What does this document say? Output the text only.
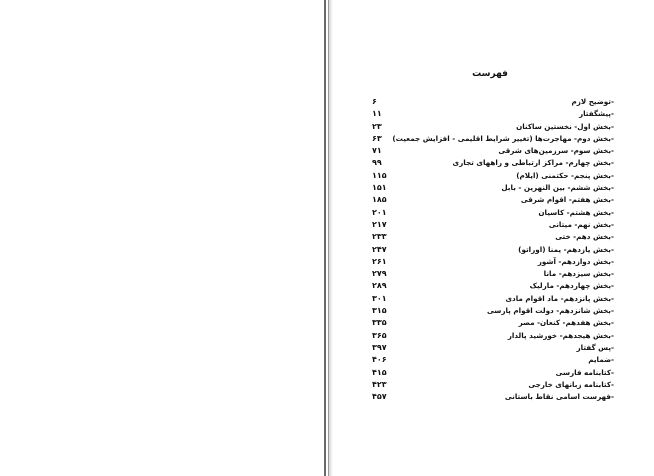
فهرست
-توضیح لازم
۶
-پیشگفتار
۱۱
-بخش اول- نخستین ساکنان
۲۳
-بخش دوم- مهاجرت‌ها (تغییر شرایط اقلیمی - افزایش جمعیت)
۶۳
-بخش سوم- سرزمین‌های شرقی
۷۱
-بخش چهارم- مراکز ارتباطی و راههای تجاری
۹۹
-بخش پنجم- حکتمنی (ایلام)
۱۱۵
-بخش ششم- بین النهرین - بابل
۱۵۱
-بخش هفتم- اقوام شرقی
۱۸۵
-بخش هشتم- کاسیان
۲۰۱
-بخش نهم- میتانی
۲۱۷
-بخش دهم- ختی
۲۳۳
-بخش یازدهم- یمنا (اوراتو)
۲۴۷
-بخش دوازدهم- آشور
۲۶۱
-بخش سیزدهم- مانا
۲۷۹
-بخش چهاردهم- مارلیک
۲۸۹
-بخش پانزدهم- ماد اقوام مادی
۳۰۱
-بخش شانزدهم- دولت اقوام پارسی
۳۱۵
-بخش هفدهم- کنعان- مصر
۳۳۵
-بخش هیجدهم- خورشید پالدار
۳۶۵
-پس گفتار
۳۹۷
-ضمایم
۴۰۶
-کتابنامه فارسی
۴۱۵
-کتابنامه زبانهای خارجی
۴۲۳
-فهرست اسامی نقاط باستانی
۴۵۷
